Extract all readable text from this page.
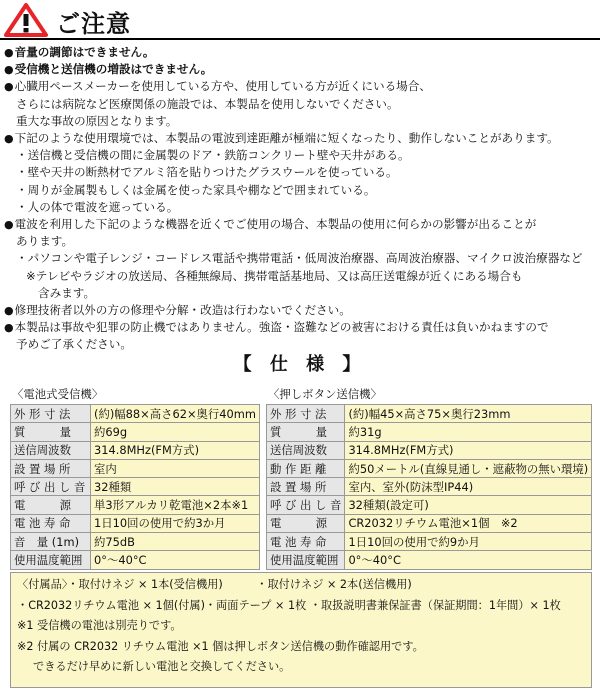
ご注意
● 音量の調節はできません。
● 受信機と送信機の増設はできません。
● 心臓用ペースメーカーを使用している方や、使用している方が近くにいる場合、
さらには病院など医療関係の施設では、本製品を使用しないでください。
重大な事故の原因となります。
● 下記のような使用環境では、本製品の電波到達距離が極端に短くなったり、動作しないことがあります。
・送信機と受信機の間に金属製のドア・鉄筋コンクリート壁や天井がある。
・壁や天井の断熱材でアルミ箔を貼りつけたグラスウールを使っている。
・周りが金属製もしくは金属を使った家具や棚などで囲まれている。
・人の体で電波を遮っている。
● 電波を利用した下記のような機器を近くでご使用の場合、本製品の使用に何らかの影響が出ることが
あります。
・パソコンや電子レンジ・コードレス電話や携帯電話・低周波治療器、高周波治療器、マイクロ波治療器など
※テレビやラジオの放送局、各種無線局、携帯電話基地局、又は高圧送電線が近くにある場合も
含みます。
● 修理技術者以外の方の修理や分解・改造は行わないでください。
● 本製品は事故や犯罪の防止機ではありません。強盗・盗難などの被害における責任は負いかねますので
予めご了承ください。
【 仕 様 】
〈電池式受信機〉	〈押しボタン送信機〉
外 形 寸 法	(約)幅88×高さ62×奥行40mm
質　　　量	約69g
送信周波数	314.8MHz(FM方式)
設 置 場 所	室内
呼 び 出 し 音	32種類
電　　　源	単3形アルカリ乾電池×2本※1
電 池 寿 命	1日10回の使用で約3か月
音　量 (1m)	約75dB
使用温度範囲	0°〜40°C
外 形 寸 法	(約)幅45×高さ75×奥行23mm
質　　　量	約31g
送信周波数	314.8MHz(FM方式)
動 作 距 離	約50メートル(直線見通し・遮蔽物の無い環境)
設 置 場 所	室内、室外(防沫型IP44)
呼 び 出 し 音	32種類(設定可)
電　　　源	CR2032リチウム電池×1個　※2
電 池 寿 命	1日10回の使用で約9か月
使用温度範囲	0°〜40°C
〈付属品〉・取付けネジ × 1本(受信機用)　　　・取付けネジ × 2本(送信機用)
・CR2032リチウム電池 × 1個(付属)・両面テープ × 1枚 ・取扱説明書兼保証書（保証期間：1年間）× 1枚
※1 受信機の電池は別売りです。
※2 付属の CR2032 リチウム電池 ×1 個は押しボタン送信機の動作確認用です。
できるだけ早めに新しい電池と交換してください。
